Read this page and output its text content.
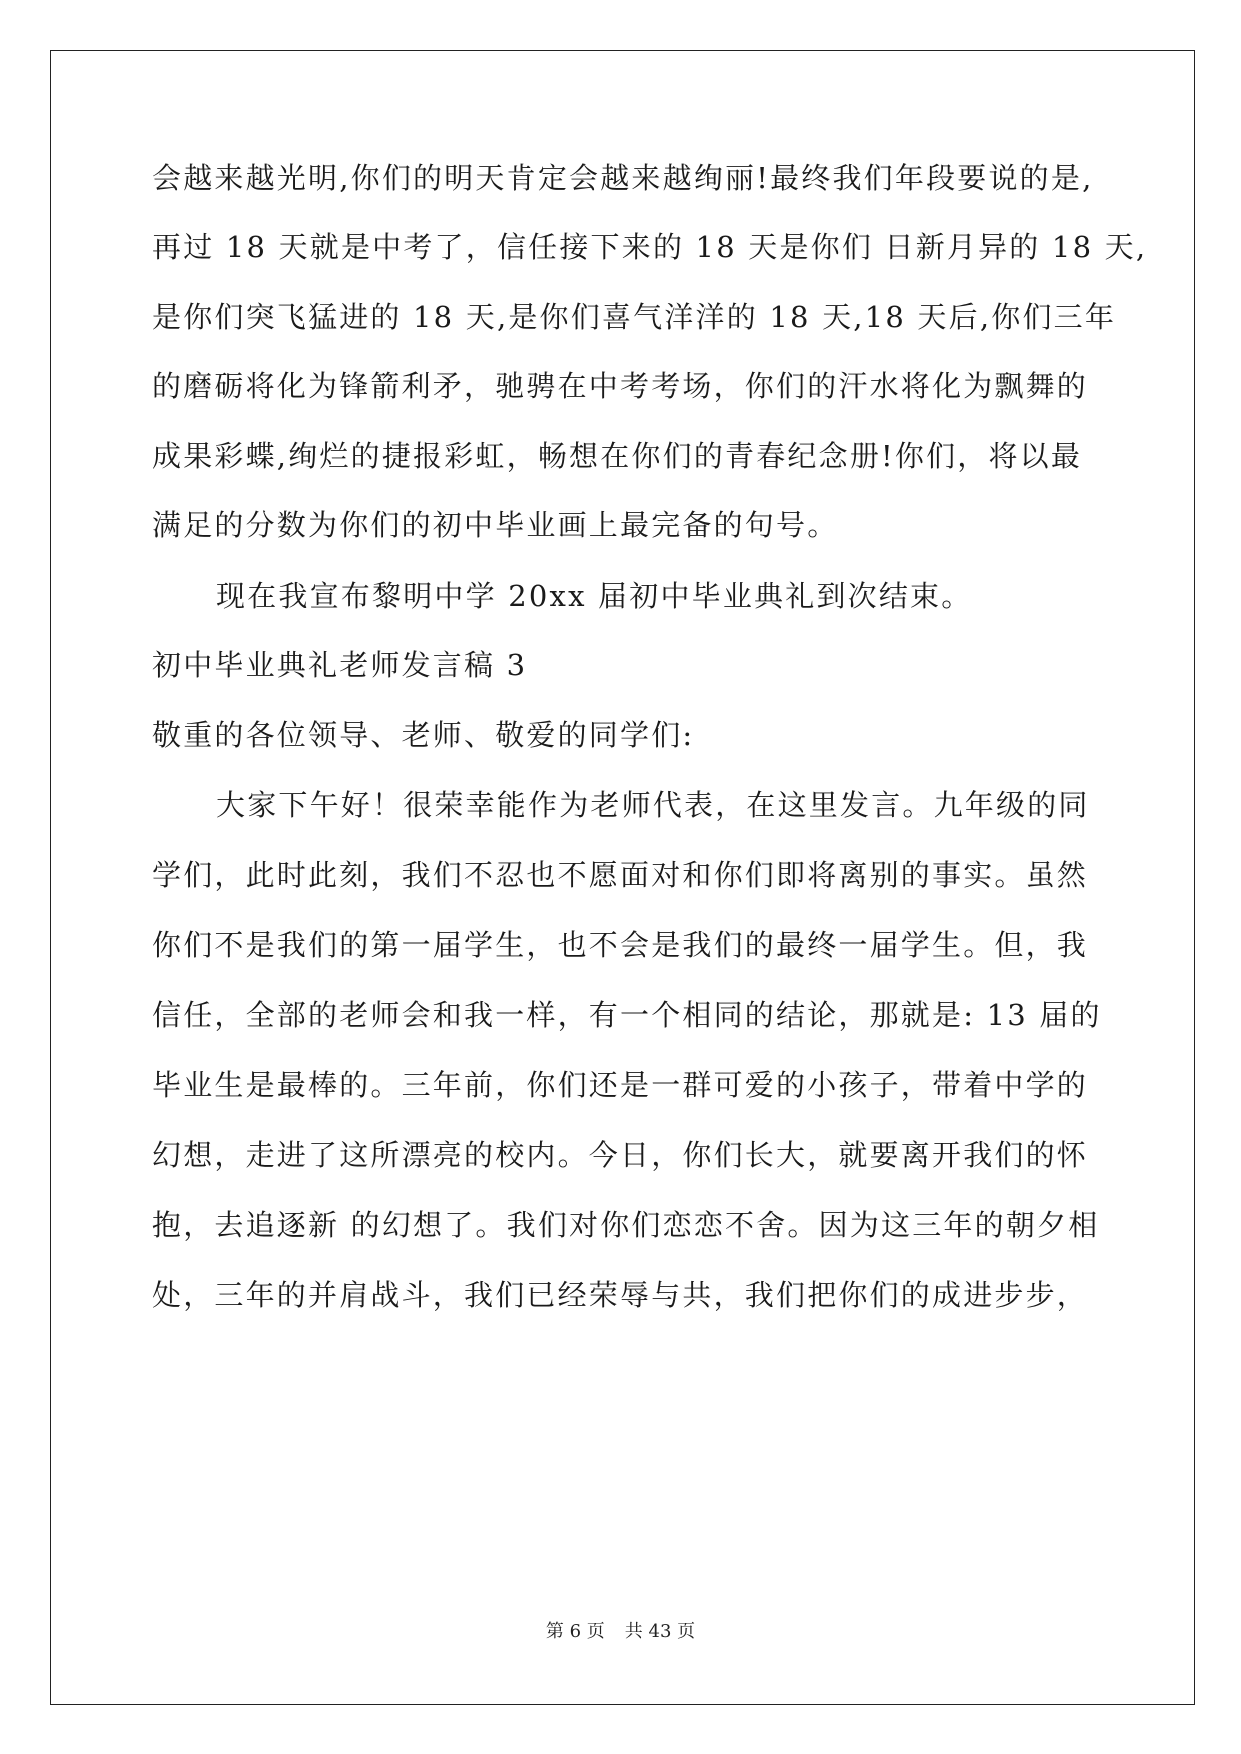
会越来越光明,你们的明天肯定会越来越绚丽!最终我们年段要说的是,
再过 18 天就是中考了，信任接下来的 18 天是你们 日新月异的 18 天,
是你们突飞猛进的 18 天,是你们喜气洋洋的 18 天,18 天后,你们三年
的磨砺将化为锋箭利矛，驰骋在中考考场，你们的汗水将化为飘舞的
成果彩蝶,绚烂的捷报彩虹，畅想在你们的青春纪念册!你们，将以最
满足的分数为你们的初中毕业画上最完备的句号。
现在我宣布黎明中学 20xx 届初中毕业典礼到次结束。
初中毕业典礼老师发言稿 3
敬重的各位领导、老师、敬爱的同学们:
大家下午好！很荣幸能作为老师代表，在这里发言。九年级的同
学们，此时此刻，我们不忍也不愿面对和你们即将离别的事实。虽然
你们不是我们的第一届学生，也不会是我们的最终一届学生。但，我
信任，全部的老师会和我一样，有一个相同的结论，那就是: 13 届的
毕业生是最棒的。三年前，你们还是一群可爱的小孩子，带着中学的
幻想，走进了这所漂亮的校内。今日，你们长大，就要离开我们的怀
抱，去追逐新 的幻想了。我们对你们恋恋不舍。因为这三年的朝夕相
处，三年的并肩战斗，我们已经荣辱与共，我们把你们的成进步步，
第 6 页 共 43 页
